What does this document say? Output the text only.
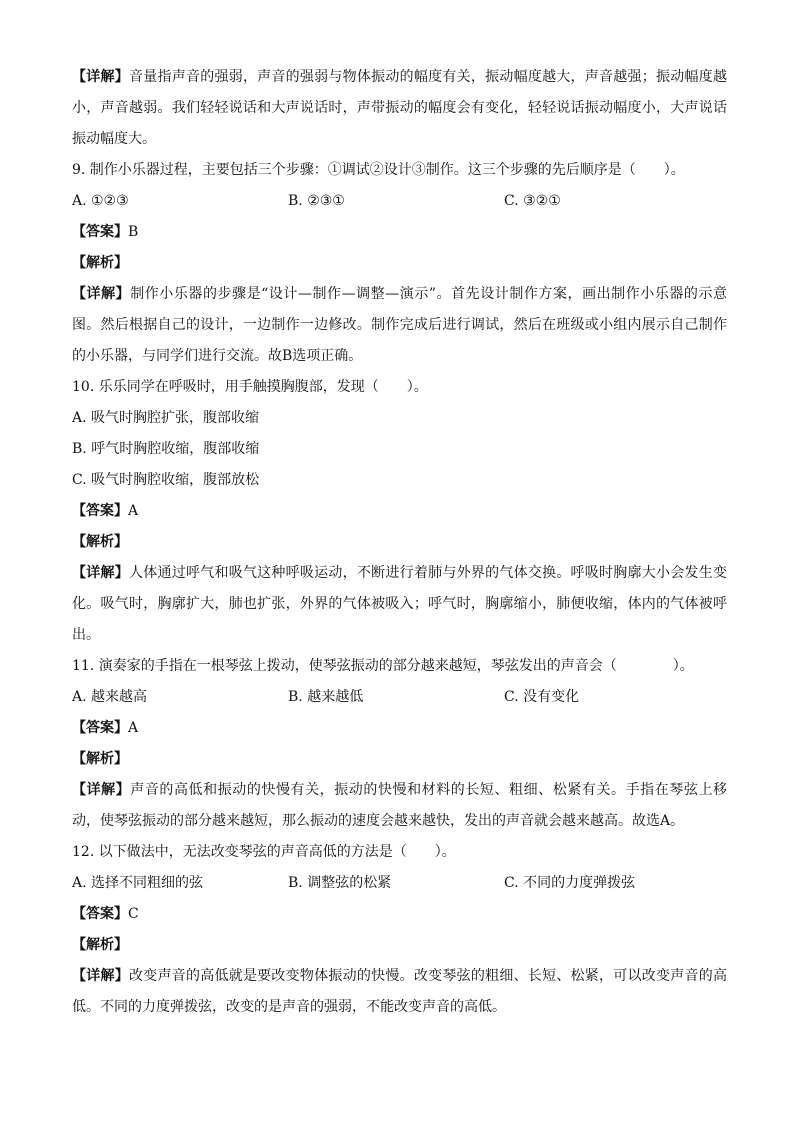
【详解】音量指声音的强弱，声音的强弱与物体振动的幅度有关，振动幅度越大，声音越强；振动幅度越小，声音越弱。我们轻轻说话和大声说话时，声带振动的幅度会有变化，轻轻说话振动幅度小，大声说话振动幅度大。

9. 制作小乐器过程，主要包括三个步骤：①调试②设计③制作。这三个步骤的先后顺序是（　　）。
A. ①②③	B. ②③①	C. ③②①
【答案】B
【解析】

【详解】制作小乐器的步骤是“设计—制作—调整—演示”。首先设计制作方案，画出制作小乐器的示意图。然后根据自己的设计，一边制作一边修改。制作完成后进行调试，然后在班级或小组内展示自己制作的小乐器，与同学们进行交流。故B选项正确。

10. 乐乐同学在呼吸时，用手触摸胸腹部，发现（　　）。
A. 吸气时胸腔扩张，腹部收缩
B. 呼气时胸腔收缩，腹部收缩
C. 吸气时胸腔收缩，腹部放松
【答案】A
【解析】

【详解】人体通过呼气和吸气这种呼吸运动，不断进行着肺与外界的气体交换。呼吸时胸廓大小会发生变化。吸气时，胸廓扩大，肺也扩张，外界的气体被吸入；呼气时，胸廓缩小，肺便收缩，体内的气体被呼出。

11. 演奏家的手指在一根琴弦上拨动，使琴弦振动的部分越来越短，琴弦发出的声音会（　　　　）。
A. 越来越高	B. 越来越低	C. 没有变化
【答案】A
【解析】

【详解】声音的高低和振动的快慢有关，振动的快慢和材料的长短、粗细、松紧有关。手指在琴弦上移动，使琴弦振动的部分越来越短，那么振动的速度会越来越快，发出的声音就会越来越高。故选A。

12. 以下做法中，无法改变琴弦的声音高低的方法是（　　）。
A. 选择不同粗细的弦	B. 调整弦的松紧	C. 不同的力度弹拨弦
【答案】C
【解析】

【详解】改变声音的高低就是要改变物体振动的快慢。改变琴弦的粗细、长短、松紧，可以改变声音的高低。不同的力度弹拨弦，改变的是声音的强弱，不能改变声音的高低。
